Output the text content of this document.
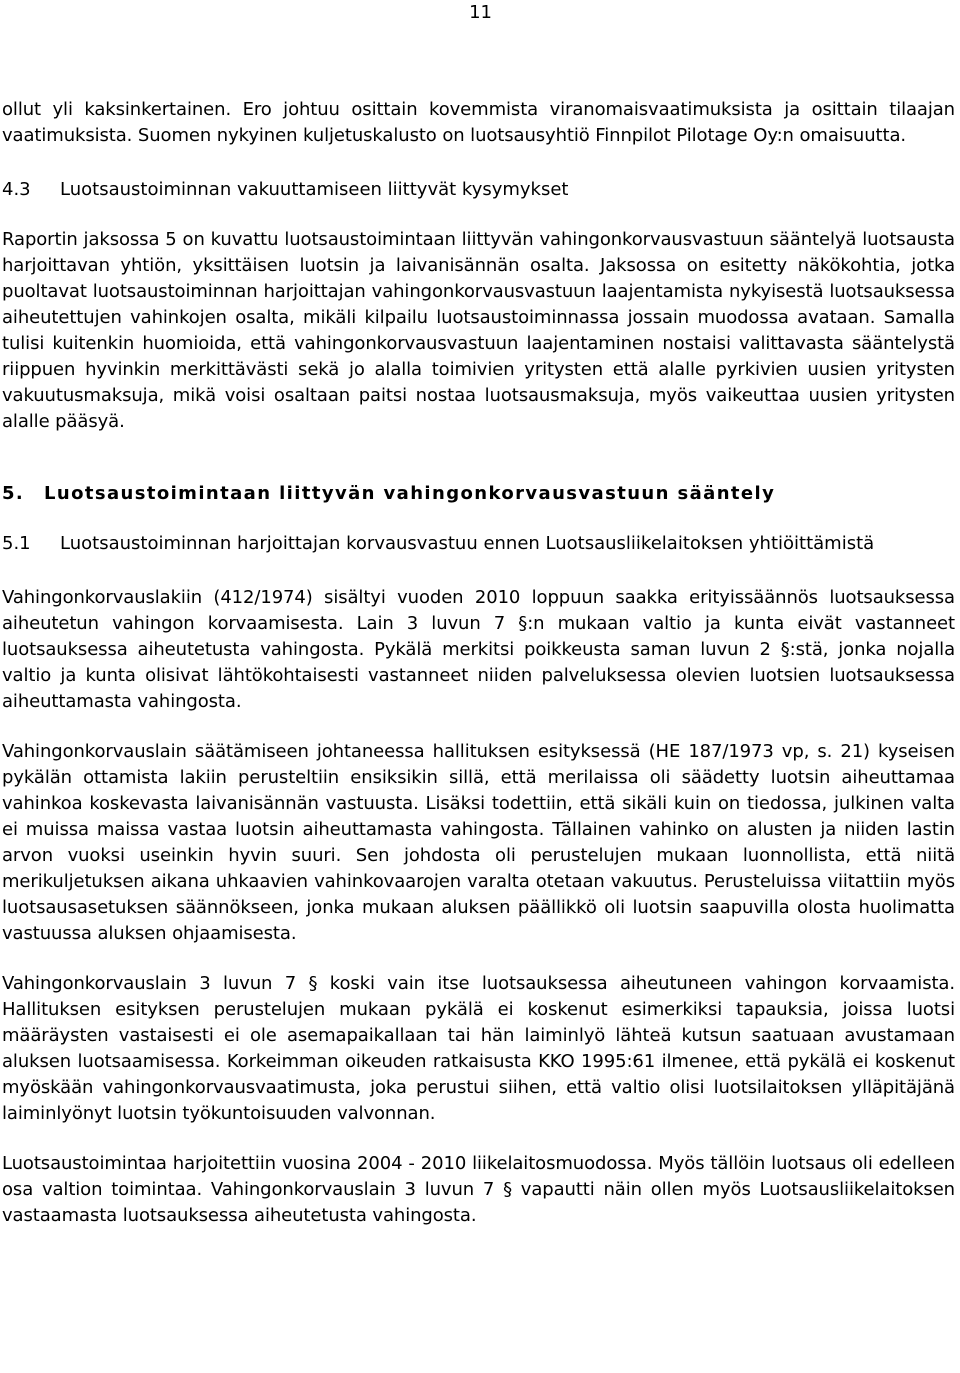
11

ollut yli kaksinkertainen. Ero johtuu osittain kovemmista viranomaisvaatimuksista ja osittain tilaajan vaatimuksista. Suomen nykyinen kuljetuskalusto on luotsausyhtiö Finnpilot Pilotage Oy:n omaisuutta.

4.3	Luotsaustoiminnan vakuuttamiseen liittyvät kysymykset

Raportin jaksossa 5 on kuvattu luotsaustoimintaan liittyvän vahingonkorvausvastuun sääntelyä luotsausta harjoittavan yhtiön, yksittäisen luotsin ja laivanisännän osalta. Jaksossa on esitetty näkökohtia, jotka puoltavat luotsaustoiminnan harjoittajan vahingonkorvausvastuun laajentamista nykyisestä luotsauksessa aiheutettujen vahinkojen osalta, mikäli kilpailu luotsaustoiminnassa jossain muodossa avataan. Samalla tulisi kuitenkin huomioida, että vahingonkorvausvastuun laajentaminen nostaisi valittavasta sääntelystä riippuen hyvinkin merkittävästi sekä jo alalla toimivien yritysten että alalle pyrkivien uusien yritysten vakuutusmaksuja, mikä voisi osaltaan paitsi nostaa luotsausmaksuja, myös vaikeuttaa uusien yritysten alalle pääsyä.

5.	Luotsaustoimintaan liittyvän vahingonkorvausvastuun sääntely
5.1	Luotsaustoiminnan harjoittajan korvausvastuu ennen Luotsausliikelaitoksen yhtiöittämistä

Vahingonkorvauslakiin (412/1974) sisältyi vuoden 2010 loppuun saakka erityissäännös luotsauksessa aiheutetun vahingon korvaamisesta. Lain 3 luvun 7 §:n mukaan valtio ja kunta eivät vastanneet luotsauksessa aiheutetusta vahingosta. Pykälä merkitsi poikkeusta saman luvun 2 §:stä, jonka nojalla valtio ja kunta olisivat lähtökohtaisesti vastanneet niiden palveluksessa olevien luotsien luotsauksessa aiheuttamasta vahingosta.

Vahingonkorvauslain säätämiseen johtaneessa hallituksen esityksessä (HE 187/1973 vp, s. 21) kyseisen pykälän ottamista lakiin perusteltiin ensiksikin sillä, että merilaissa oli säädetty luotsin aiheuttamaa vahinkoa koskevasta laivanisännän vastuusta. Lisäksi todettiin, että sikäli kuin on tiedossa, julkinen valta ei muissa maissa vastaa luotsin aiheuttamasta vahingosta. Tällainen vahinko on alusten ja niiden lastin arvon vuoksi useinkin hyvin suuri. Sen johdosta oli perustelujen mukaan luonnollista, että niitä merikuljetuksen aikana uhkaavien vahinkovaarojen varalta otetaan vakuutus. Perusteluissa viitattiin myös luotsausasetuksen säännökseen, jonka mukaan aluksen päällikkö oli luotsin saapuvilla olosta huolimatta vastuussa aluksen ohjaamisesta.

Vahingonkorvauslain 3 luvun 7 § koski vain itse luotsauksessa aiheutuneen vahingon korvaamista. Hallituksen esityksen perustelujen mukaan pykälä ei koskenut esimerkiksi tapauksia, joissa luotsi määräysten vastaisesti ei ole asemapaikallaan tai hän laiminlyö lähteä kutsun saatuaan avustamaan aluksen luotsaamisessa. Korkeimman oikeuden ratkaisusta KKO 1995:61 ilmenee, että pykälä ei koskenut myöskään vahingonkorvausvaatimusta, joka perustui siihen, että valtio olisi luotsilaitoksen ylläpitäjänä laiminlyönyt luotsin työkuntoisuuden valvonnan.

Luotsaustoimintaa harjoitettiin vuosina 2004 - 2010 liikelaitosmuodossa. Myös tällöin luotsaus oli edelleen osa valtion toimintaa. Vahingonkorvauslain 3 luvun 7 § vapautti näin ollen myös Luotsausliikelaitoksen vastaamasta luotsauksessa aiheutetusta vahingosta.
